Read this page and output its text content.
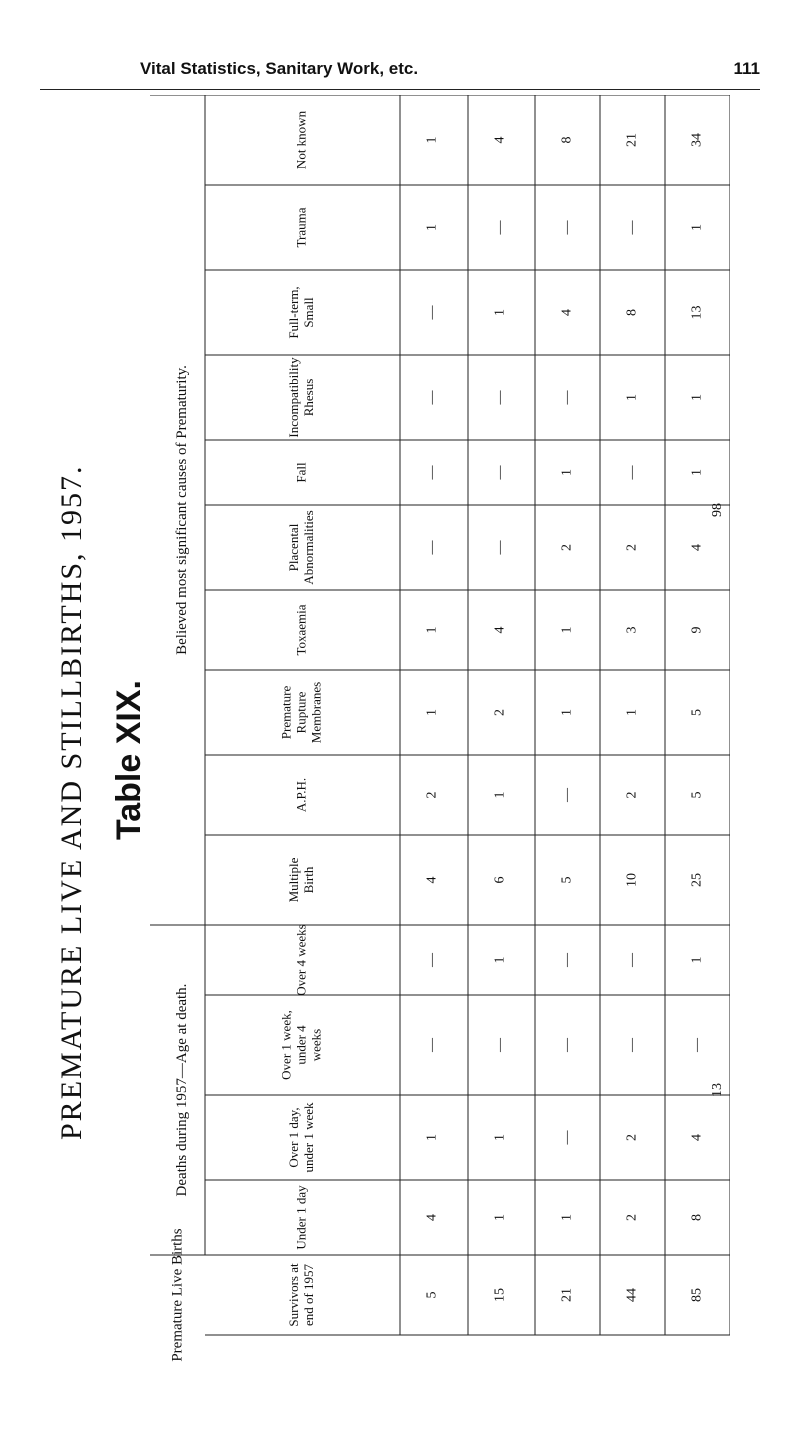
Vital Statistics, Sanitary Work, etc.	111
Table XIX.
PREMATURE LIVE AND STILLBIRTHS, 1957.	Believed most significant causes of Prematurity.
Deaths during 1957—Age at death.
Premature Live Births
Not known
Trauma
Full-term, Small
Incompatibility Rhesus
Fall
Placental Abnormalities
Toxaemia
Premature Rupture Membranes
A.P.H.
Multiple Birth
Over 4 weeks
Over 1 week, under 4 weeks
Over 1 day, under 1 week
Under 1 day
Survivors at end of 1957
1
1
—
—
—
—
1
1
2
4
—
—
1
4
5
4
—
1
—
—
—
4
2
1
6
1
—
1
1
15
8
—
4
—
1
2
1
1
—
5
—
—
—
1
21
21
—
8
1
—
2
3
1
2
10
—
—
2
2
44
34
1
13
1
1
4
9
5
5
25
1
—
4
8
85
98
13
